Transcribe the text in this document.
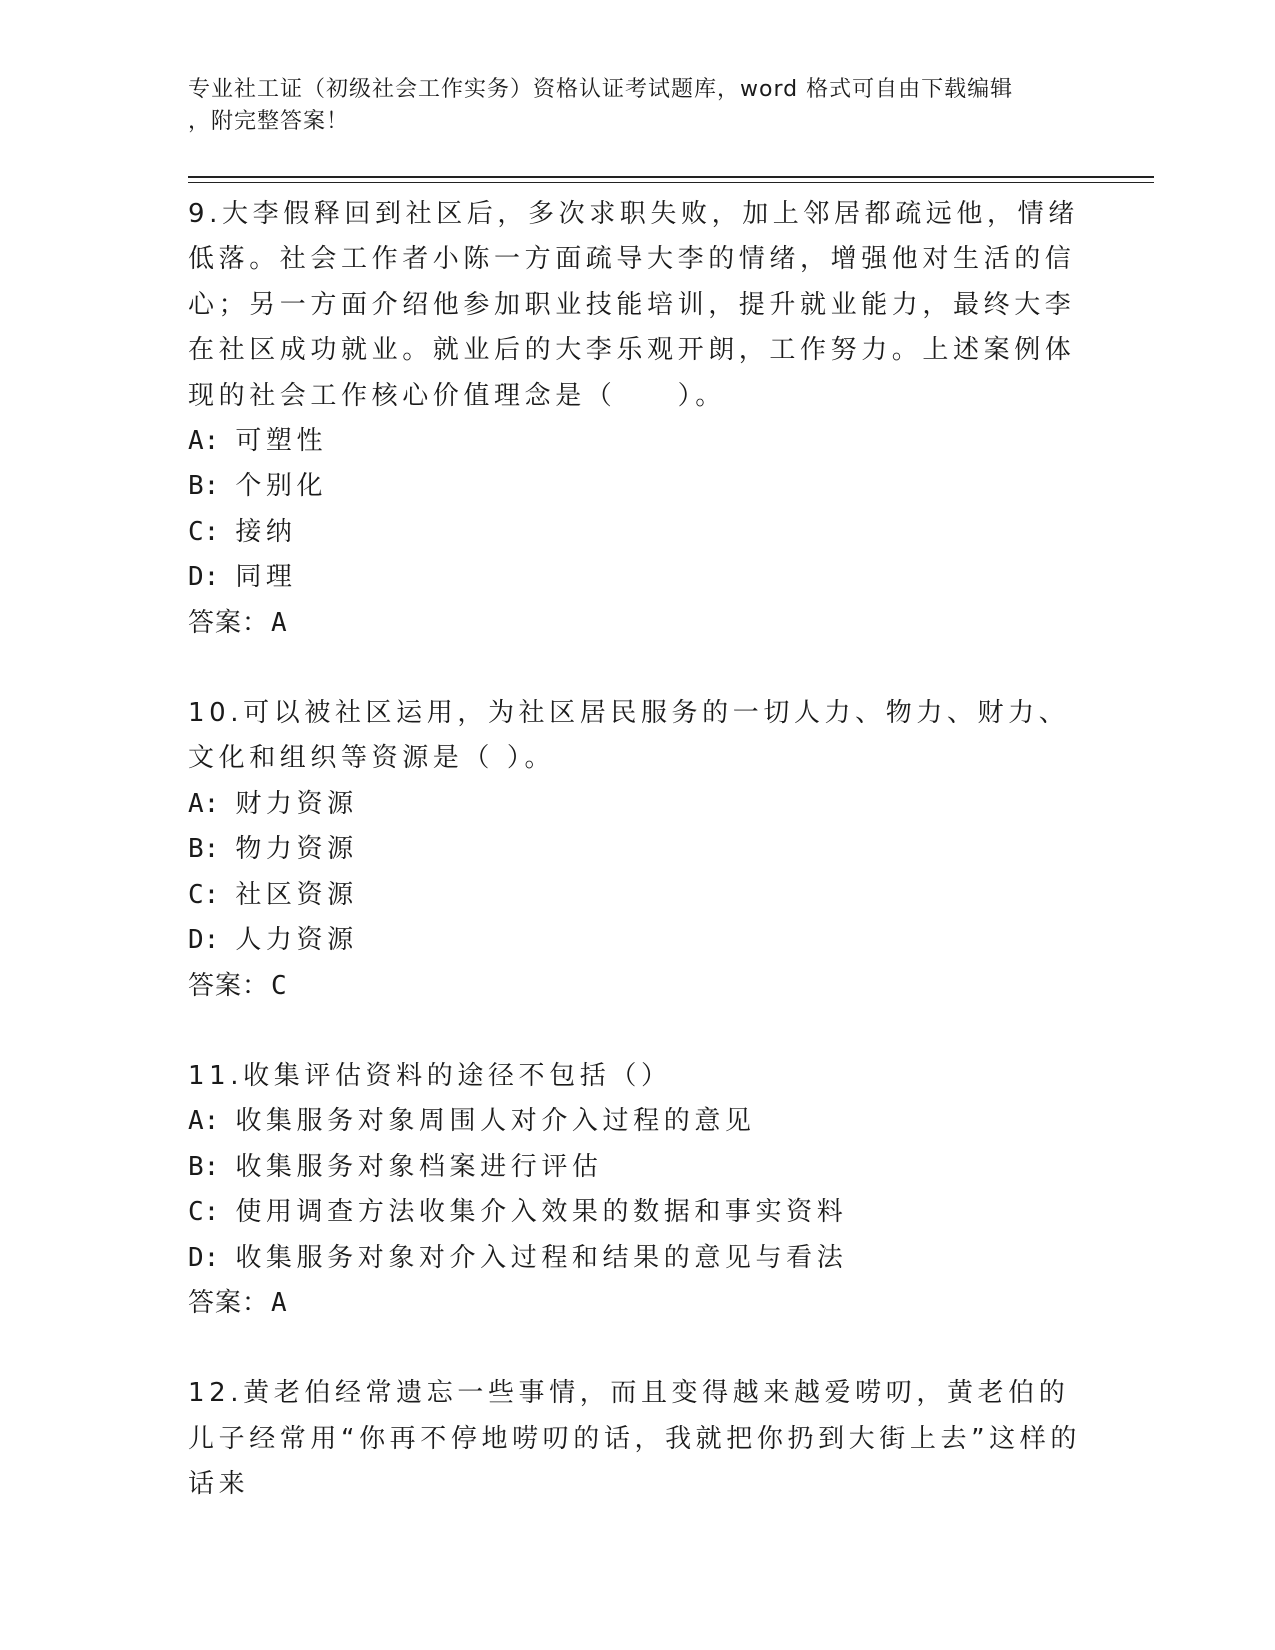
专业社工证（初级社会工作实务）资格认证考试题库，word 格式可自由下载编辑
，附完整答案！

9.大李假释回到社区后，多次求职失败，加上邻居都疏远他，情绪低落。社会工作者小陈一方面疏导大李的情绪，增强他对生活的信心；另一方面介绍他参加职业技能培训，提升就业能力，最终大李在社区成功就业。就业后的大李乐观开朗，工作努力。上述案例体现的社会工作核心价值理念是（　　）。

A: 可塑性

B: 个别化

C: 接纳

D: 同理

答案：A

10.可以被社区运用，为社区居民服务的一切人力、物力、财力、文化和组织等资源是（ ）。

A: 财力资源

B: 物力资源

C: 社区资源

D: 人力资源

答案：C

11.收集评估资料的途径不包括（）

A: 收集服务对象周围人对介入过程的意见

B: 收集服务对象档案进行评估

C: 使用调查方法收集介入效果的数据和事实资料

D: 收集服务对象对介入过程和结果的意见与看法

答案：A

12.黄老伯经常遗忘一些事情，而且变得越来越爱唠叨，黄老伯的儿子经常用“你再不停地唠叨的话，我就把你扔到大街上去”这样的话来
